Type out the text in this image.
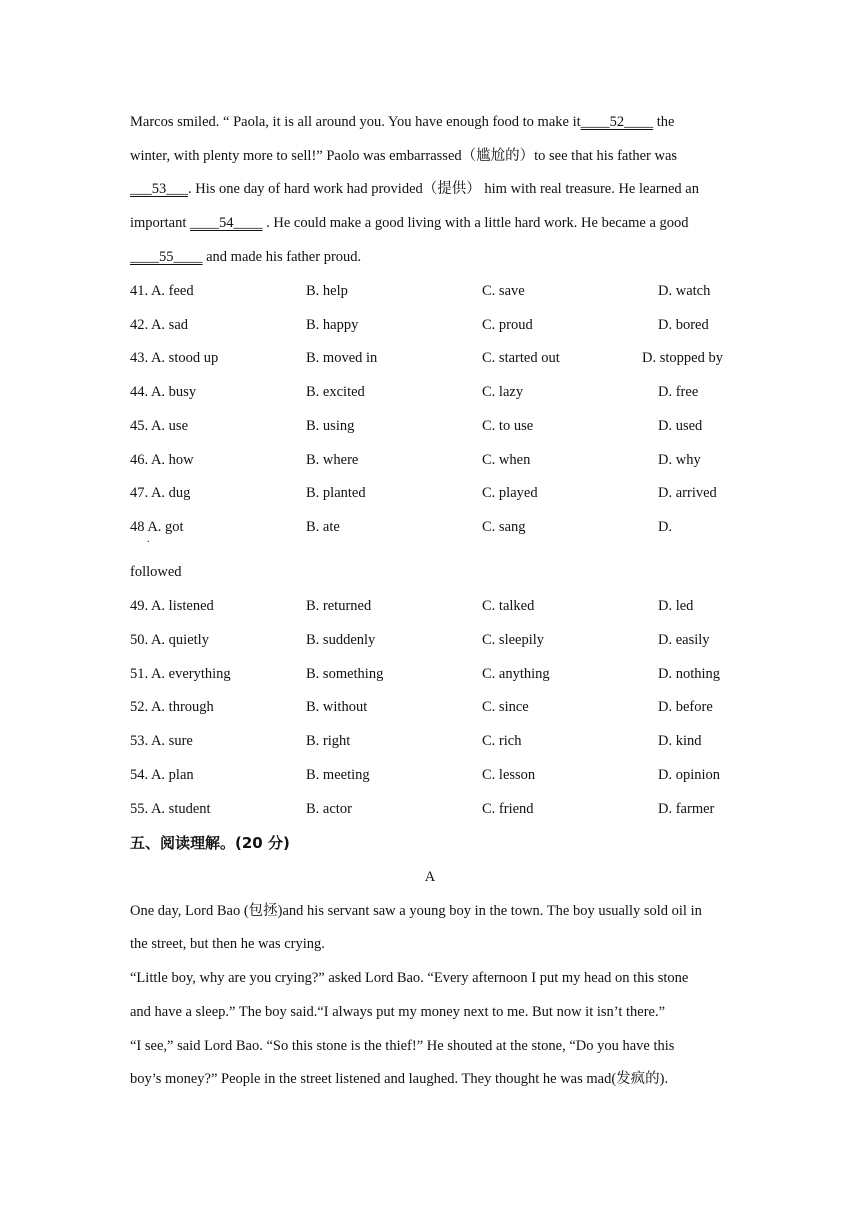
Marcos smiled. “ Paola, it is all around you. You have enough food to make it____52____ the
winter, with plenty more to sell!” Paolo was embarrassed（尴尬的）to see that his father was
___53___. His one day of hard work had provided（提供） him with real treasure. He learned an
important ____54____ . He could make a good living with a little hard work. He became a good
____55____ and made his father proud.
41. A. feed	B. help	C. save	D. watch
42. A. sad	B. happy	C. proud	D. bored
43. A. stood up	B. moved in	C. started out	D. stopped by
44. A. busy	B. excited	C. lazy	D. free
45. A. use	B. using	C. to use	D. used
46. A. how	B. where	C. when	D. why
47. A. dug	B. planted	C. played	D. arrived
48 A. got	B. ate	C. sang	D.
followed
49. A. listened	B. returned	C. talked	D. led
50. A. quietly	B. suddenly	C. sleepily	D. easily
51. A. everything	B. something	C. anything	D. nothing
52. A. through	B. without	C. since	D. before
53. A. sure	B. right	C. rich	D. kind
54. A. plan	B. meeting	C. lesson	D. opinion
55. A. student	B. actor	C. friend	D. farmer
五、阅读理解。(20 分)
A
One day, Lord Bao (包拯)and his servant saw a young boy in the town. The boy usually sold oil in
the street, but then he was crying.
“Little boy, why are you crying?” asked Lord Bao. “Every afternoon I put my head on this stone
and have a sleep.” The boy said.“I always put my money next to me. But now it isn’t there.”
“I see,” said Lord Bao. “So this stone is the thief!” He shouted at the stone, “Do you have this
boy’s money?” People in the street listened and laughed. They thought he was mad(发疯的).
.
